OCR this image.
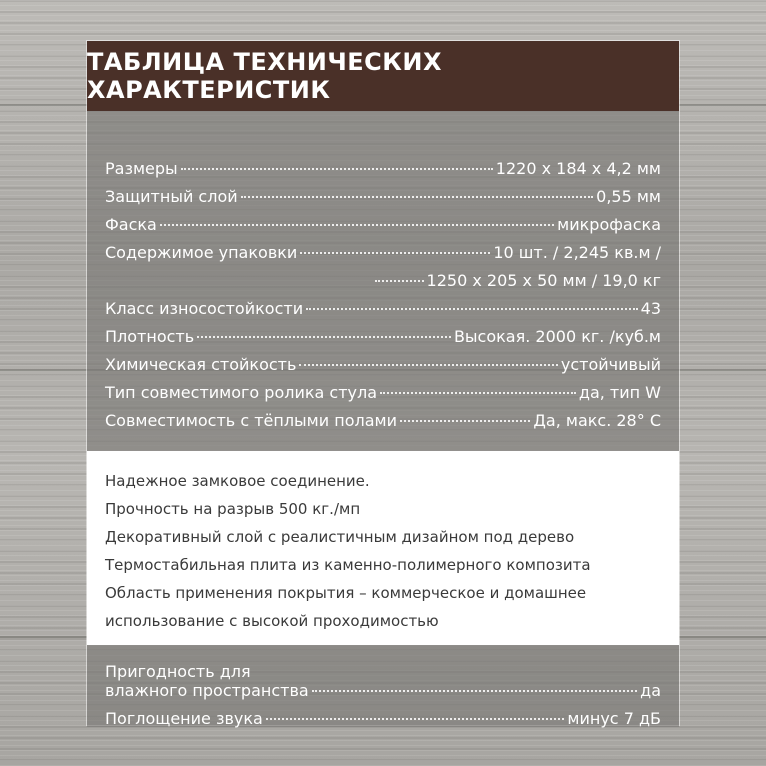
ТАБЛИЦА ТЕХНИЧЕСКИХ ХАРАКТЕРИСТИК
Размеры	1220 x 184 x 4,2 мм
Защитный слой	0,55 мм
Фаска	микрофаска
Содержимое упаковки	10 шт. / 2,245 кв.м /
1250 x 205 x 50 мм / 19,0 кг
Класс износостойкости	43
Плотность	Высокая. 2000 кг. /куб.м
Химическая стойкость	устойчивый
Тип совместимого ролика стула	да, тип W
Совместимость с тёплыми полами	Да, макс. 28° C
Надежное замковое соединение.
Прочность на разрыв 500 кг./мп
Декоративный слой с реалистичным дизайном под дерево
Термостабильная плита из каменно-полимерного композита
Область применения покрытия – коммерческое и домашнее
использование с высокой проходимостью
Пригодность для
влажного пространства	да
Поглощение звука	минус 7 дБ
